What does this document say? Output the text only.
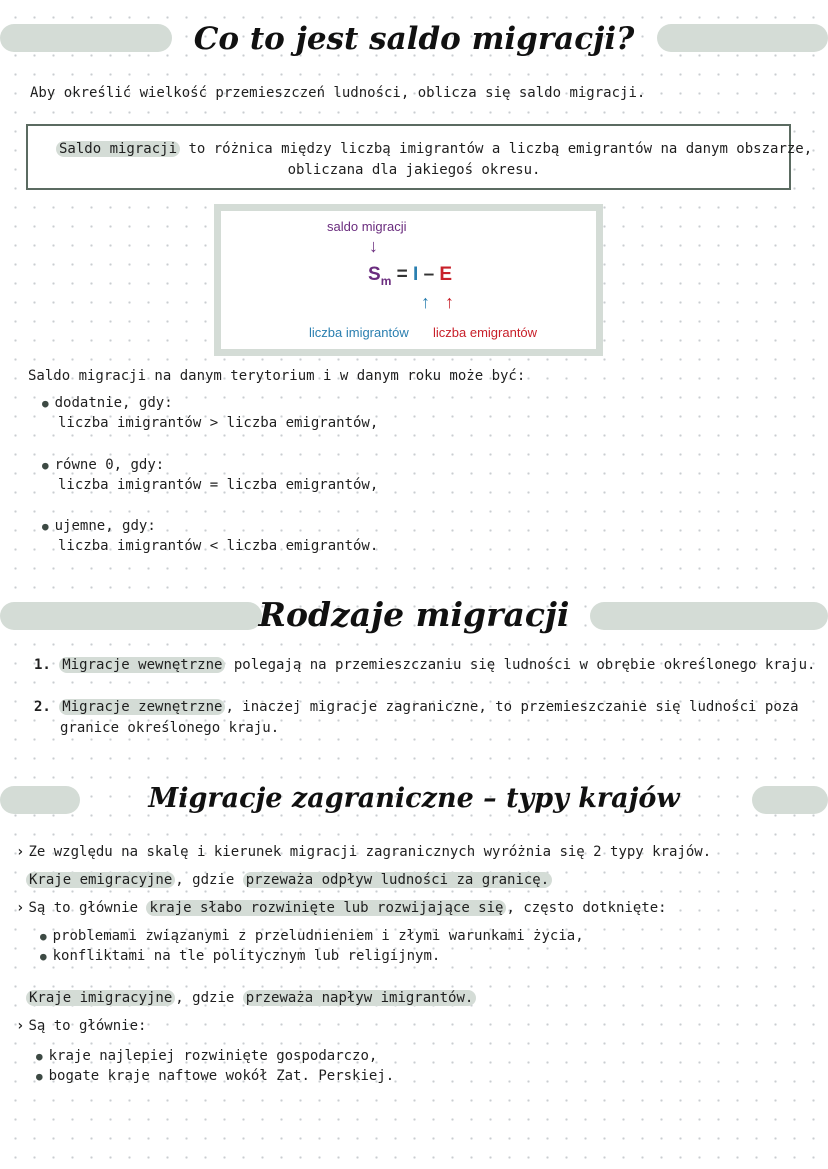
Co to jest saldo migracji?
Aby określić wielkość przemieszczeń ludności, oblicza się saldo migracji.
Saldo migracji to różnica między liczbą imigrantów a liczbą emigrantów na danym obszarze,
obliczana dla jakiegoś okresu.
saldo migracji
↓
$S_m = I - E$
↑ ↑
liczba imigrantów liczba emigrantów
Saldo migracji na danym terytorium i w danym roku może być:
● dodatnie, gdy:
liczba imigrantów > liczba emigrantów,
● równe 0, gdy:
liczba imigrantów = liczba emigrantów,
● ujemne, gdy:
liczba imigrantów < liczba emigrantów.
Rodzaje migracji
1. Migracje wewnętrzne polegają na przemieszczaniu się ludności w obrębie określonego kraju.
2. Migracje zewnętrzne , inaczej migracje zagraniczne, to przemieszczanie się ludności poza
granice określonego kraju.
Migracje zagraniczne – typy krajów
› Ze względu na skalę i kierunek migracji zagranicznych wyróżnia się 2 typy krajów.
Kraje emigracyjne , gdzie przeważa odpływ ludności za granicę.
› Są to głównie kraje słabo rozwinięte lub rozwijające się , często dotknięte:
● problemami związanymi z przeludnieniem i złymi warunkami życia,
● konfliktami na tle politycznym lub religijnym.
Kraje imigracyjne , gdzie przeważa napływ imigrantów.
› Są to głównie:
● kraje najlepiej rozwinięte gospodarczo,
● bogate kraje naftowe wokół Zat. Perskiej.
